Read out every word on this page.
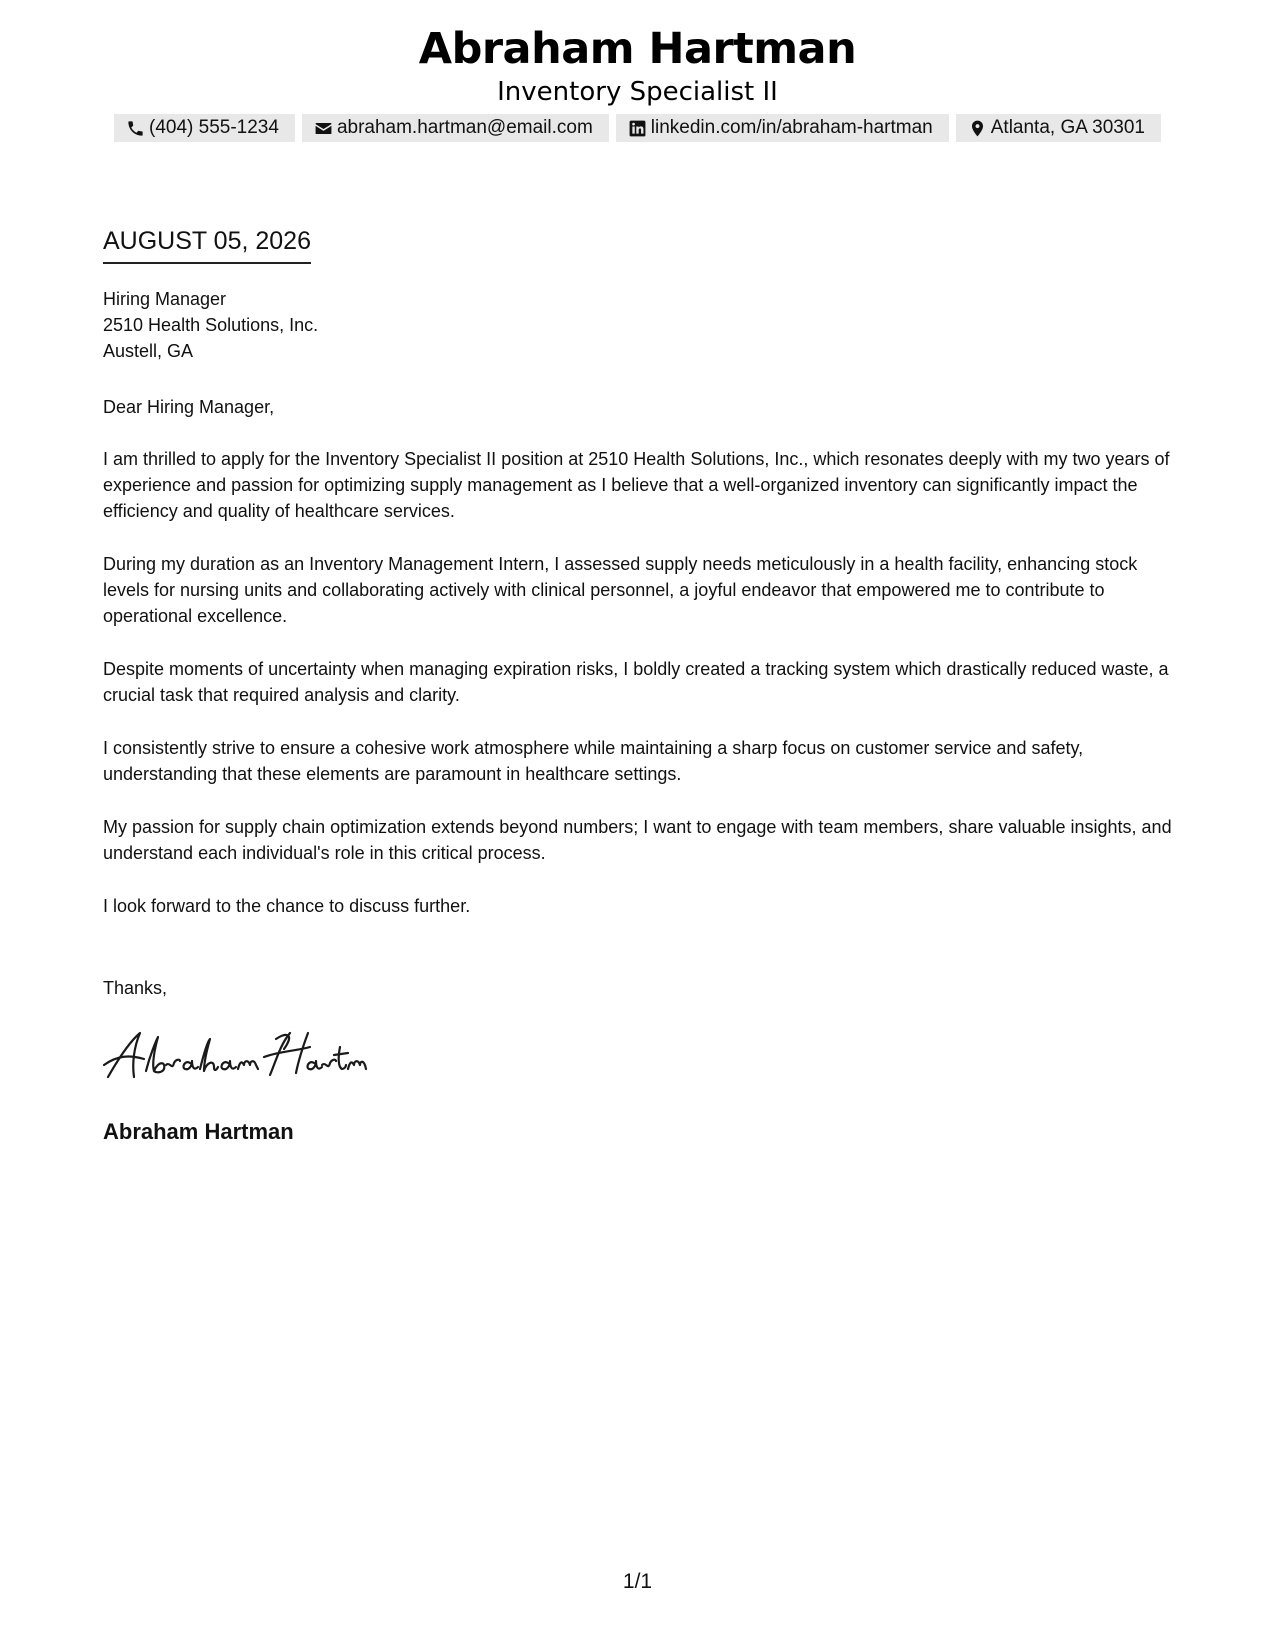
Abraham Hartman
Inventory Specialist II
(404) 555-1234	abraham.hartman@email.com	linkedin.com/in/abraham-hartman	Atlanta, GA 30301
AUGUST 05, 2026
Hiring Manager
2510 Health Solutions, Inc.
Austell, GA
Dear Hiring Manager,

I am thrilled to apply for the Inventory Specialist II position at 2510 Health Solutions, Inc., which resonates deeply with my two years of experience and passion for optimizing supply management as I believe that a well-organized inventory can significantly impact the efficiency and quality of healthcare services.

During my duration as an Inventory Management Intern, I assessed supply needs meticulously in a health facility, enhancing stock levels for nursing units and collaborating actively with clinical personnel, a joyful endeavor that empowered me to contribute to operational excellence.

Despite moments of uncertainty when managing expiration risks, I boldly created a tracking system which drastically reduced waste, a crucial task that required analysis and clarity.

I consistently strive to ensure a cohesive work atmosphere while maintaining a sharp focus on customer service and safety, understanding that these elements are paramount in healthcare settings.

My passion for supply chain optimization extends beyond numbers; I want to engage with team members, share valuable insights, and understand each individual's role in this critical process.

I look forward to the chance to discuss further.

Thanks,
Abraham Hartman
1/1
